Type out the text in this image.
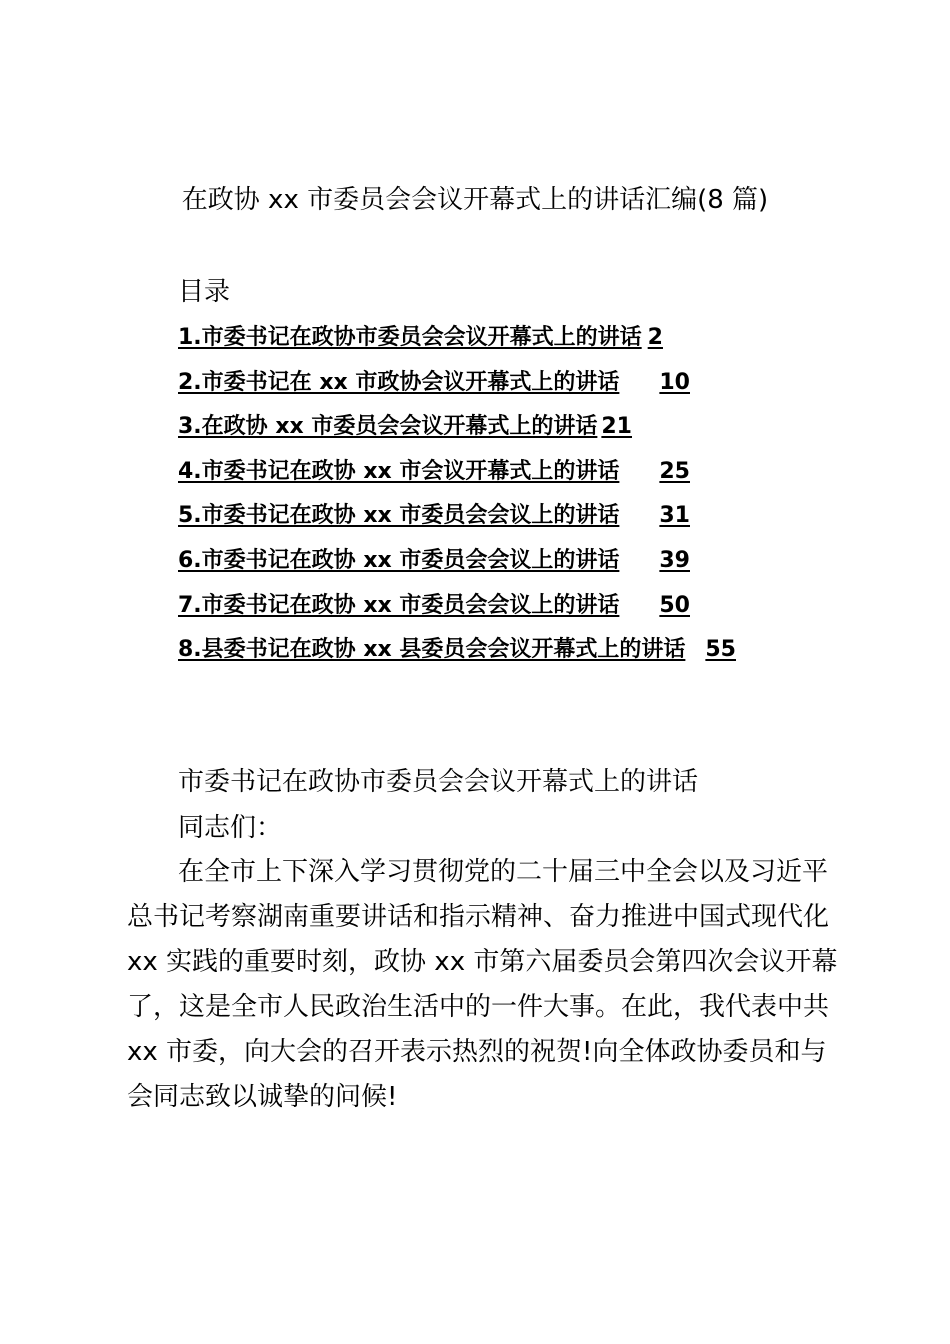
在政协 xx 市委员会会议开幕式上的讲话汇编(8 篇)
目录
1.市委书记在政协市委员会会议开幕式上的讲话 2
2.市委书记在 xx 市政协会议开幕式上的讲话 10
3.在政协 xx 市委员会会议开幕式上的讲话 21
4.市委书记在政协 xx 市会议开幕式上的讲话 25
5.市委书记在政协 xx 市委员会会议上的讲话 31
6.市委书记在政协 xx 市委员会会议上的讲话 39
7.市委书记在政协 xx 市委员会会议上的讲话 50
8.县委书记在政协 xx 县委员会会议开幕式上的讲话 55
市委书记在政协市委员会会议开幕式上的讲话
同志们：
在全市上下深入学习贯彻党的二十届三中全会以及习近平
总书记考察湖南重要讲话和指示精神、奋力推进中国式现代化
xx 实践的重要时刻，政协 xx 市第六届委员会第四次会议开幕
了，这是全市人民政治生活中的一件大事。在此，我代表中共
xx 市委，向大会的召开表示热烈的祝贺!向全体政协委员和与
会同志致以诚挚的问候!
